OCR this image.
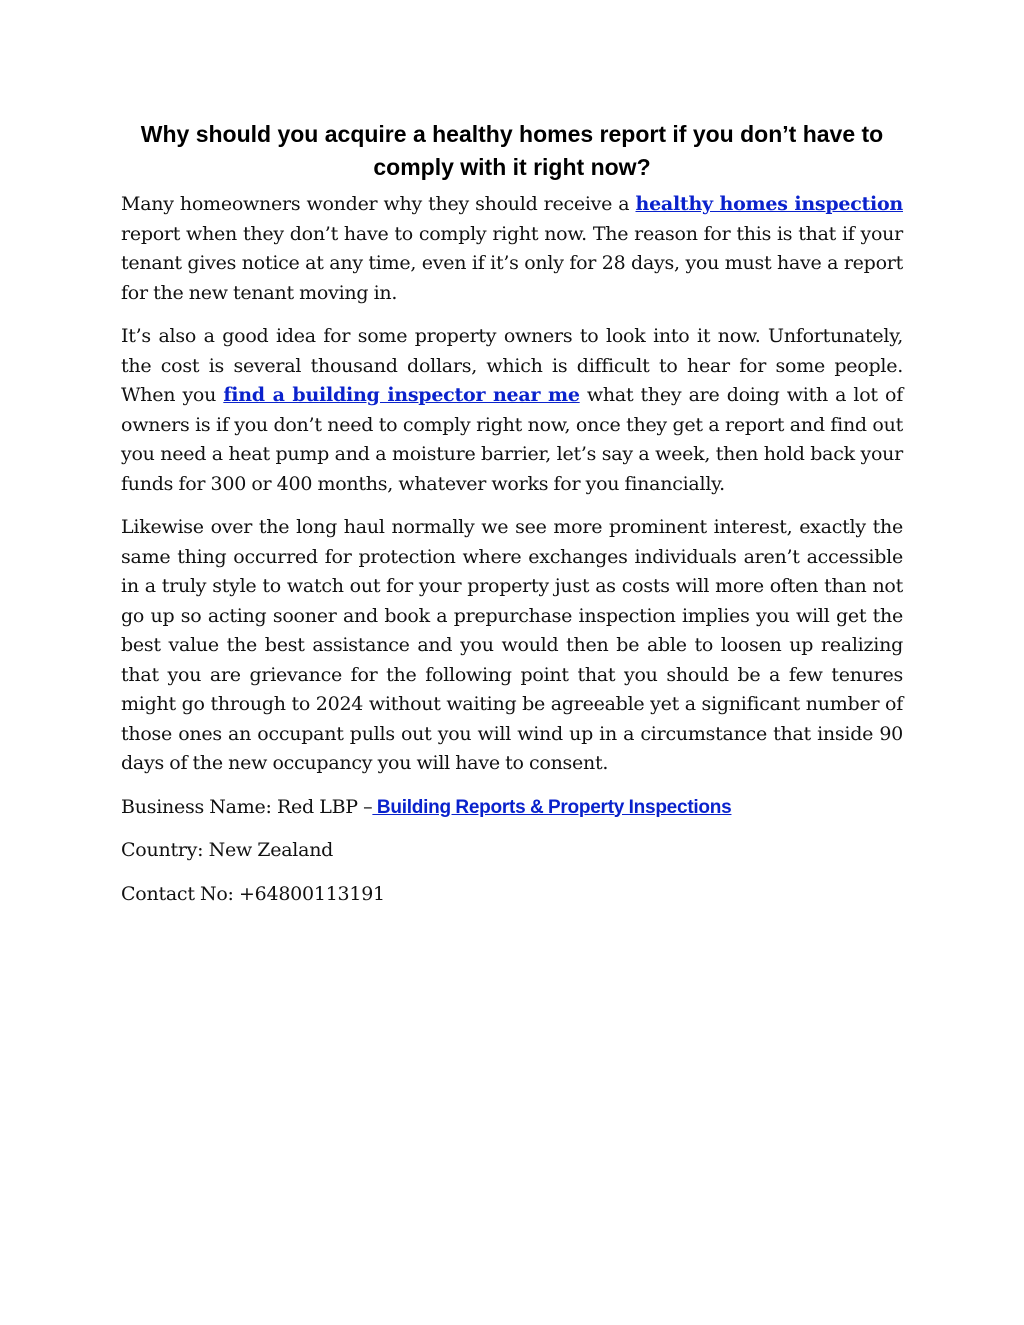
Why should you acquire a healthy homes report if you don’t have to comply with it right now?

Many homeowners wonder why they should receive a healthy homes inspection report when they don’t have to comply right now. The reason for this is that if your tenant gives notice at any time, even if it’s only for 28 days, you must have a report for the new tenant moving in.

It’s also a good idea for some property owners to look into it now. Unfortunately, the cost is several thousand dollars, which is difficult to hear for some people. When you find a building inspector near me what they are doing with a lot of owners is if you don’t need to comply right now, once they get a report and find out you need a heat pump and a moisture barrier, let’s say a week, then hold back your funds for 300 or 400 months, whatever works for you financially.

Likewise over the long haul normally we see more prominent interest, exactly the same thing occurred for protection where exchanges individuals aren’t accessible in a truly style to watch out for your property just as costs will more often than not go up so acting sooner and book a prepurchase inspection implies you will get the best value the best assistance and you would then be able to loosen up realizing that you are grievance for the following point that you should be a few tenures might go through to 2024 without waiting be agreeable yet a significant number of those ones an occupant pulls out you will wind up in a circumstance that inside 90 days of the new occupancy you will have to consent.

Business Name: Red LBP – Building Reports & Property Inspections

Country: New Zealand

Contact No: +64800113191
